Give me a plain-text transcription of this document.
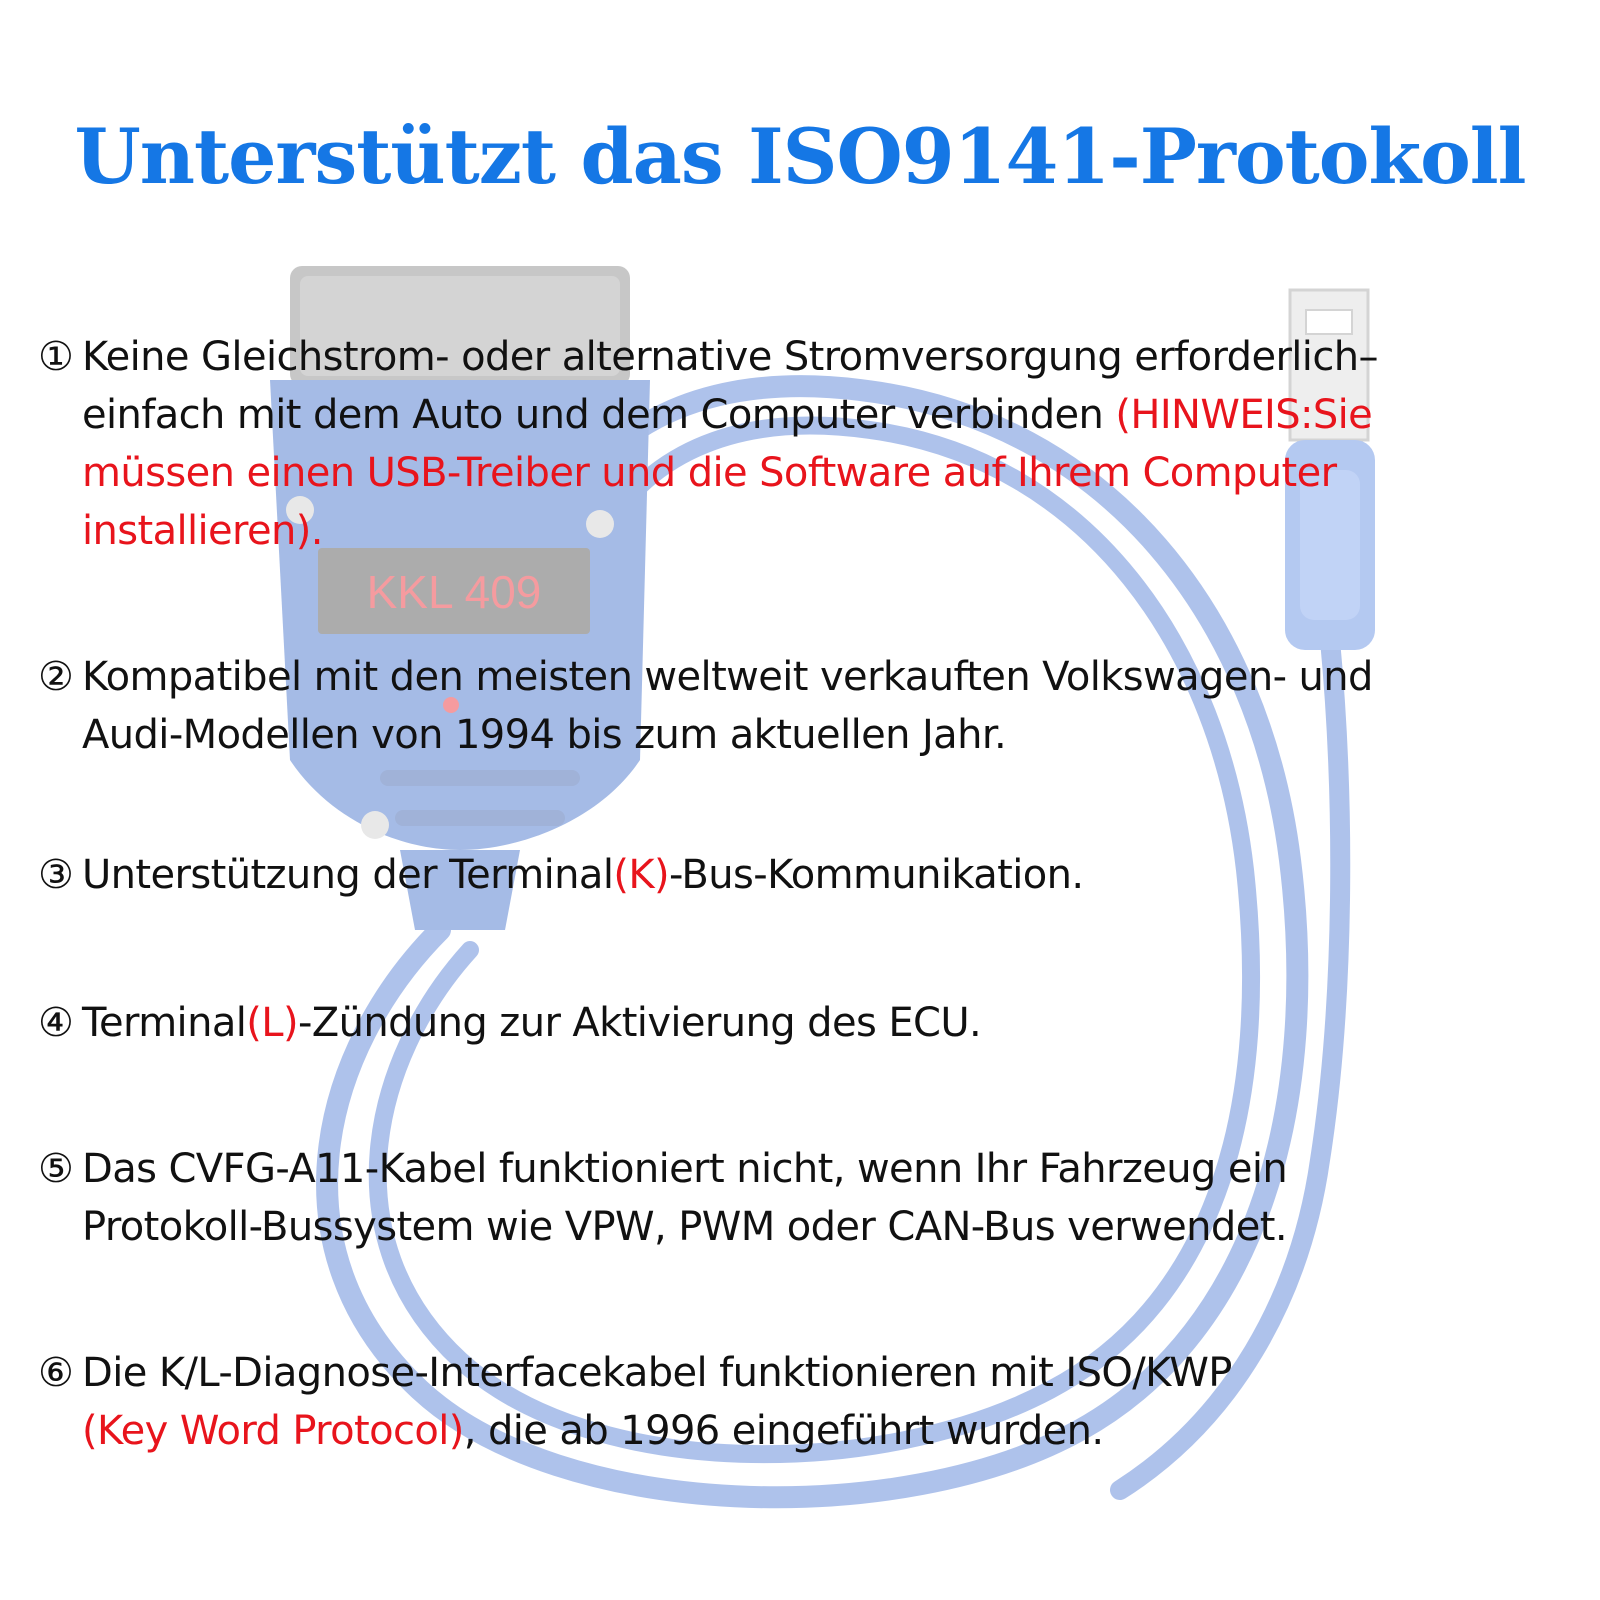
KKL 409
Unterstützt das ISO9141-Protokoll
① Keine Gleichstrom- oder alternative Stromversorgung erforderlich–
einfach mit dem Auto und dem Computer verbinden (HINWEIS:Sie
müssen einen USB-Treiber und die Software auf Ihrem Computer
installieren).
② Kompatibel mit den meisten weltweit verkauften Volkswagen- und
Audi-Modellen von 1994 bis zum aktuellen Jahr.
③ Unterstützung der Terminal(K)-Bus-Kommunikation.
④ Terminal(L)-Zündung zur Aktivierung des ECU.
⑤ Das CVFG-A11-Kabel funktioniert nicht, wenn Ihr Fahrzeug ein
Protokoll-Bussystem wie VPW, PWM oder CAN-Bus verwendet.
⑥ Die K/L-Diagnose-Interfacekabel funktionieren mit ISO/KWP
(Key Word Protocol), die ab 1996 eingeführt wurden.
